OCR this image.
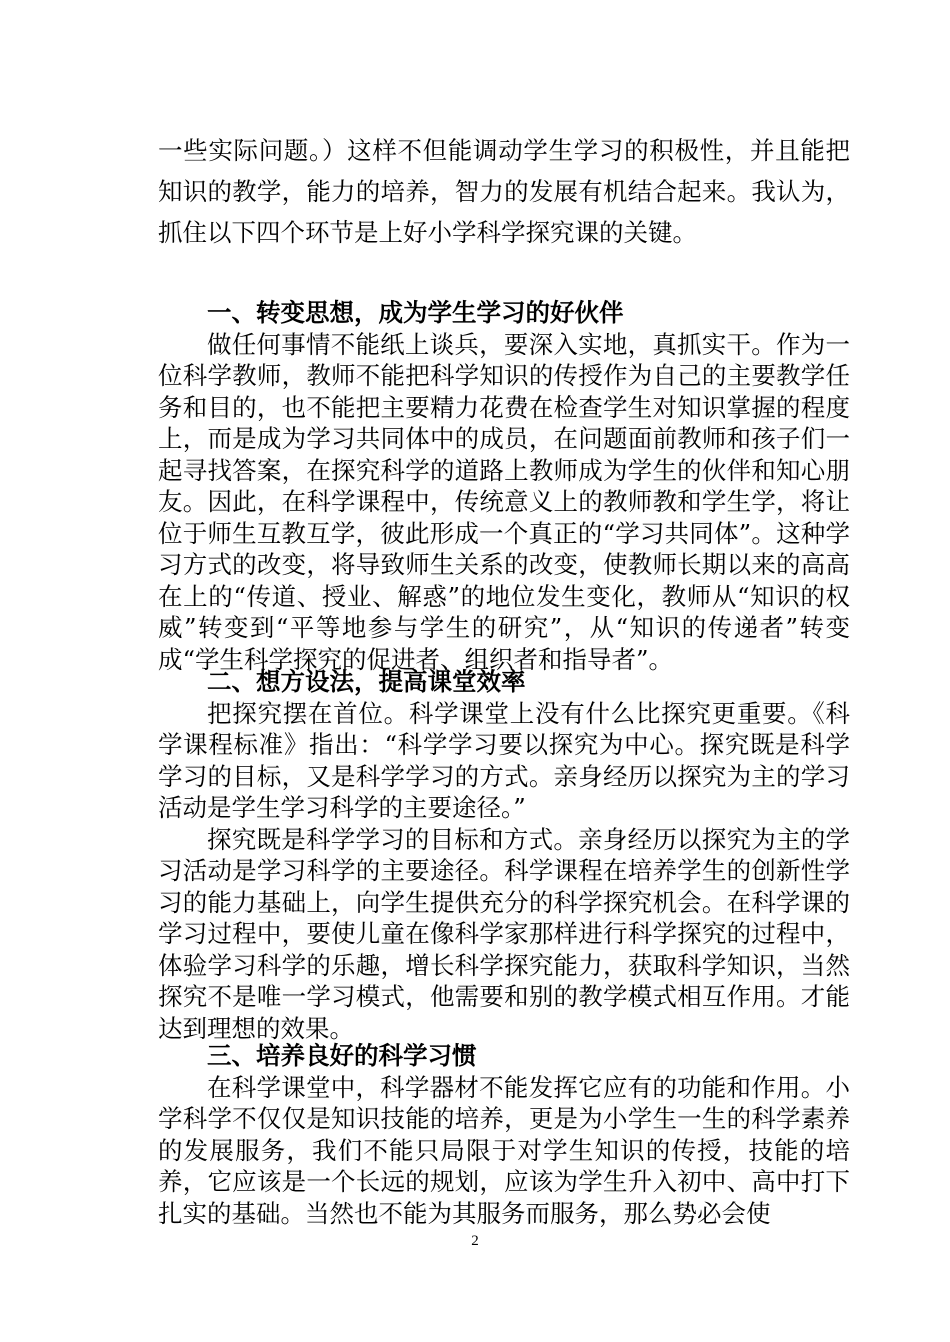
一些实际问题。）这样不但能调动学生学习的积极性，并且能把知识的教学，能力的培养，智力的发展有机结合起来。我认为，抓住以下四个环节是上好小学科学探究课的关键。

一、转变思想，成为学生学习的好伙伴

做任何事情不能纸上谈兵，要深入实地，真抓实干。作为一位科学教师，教师不能把科学知识的传授作为自己的主要教学任务和目的，也不能把主要精力花费在检查学生对知识掌握的程度上，而是成为学习共同体中的成员，在问题面前教师和孩子们一起寻找答案，在探究科学的道路上教师成为学生的伙伴和知心朋友。因此，在科学课程中，传统意义上的教师教和学生学，将让位于师生互教互学，彼此形成一个真正的“学习共同体”。这种学习方式的改变，将导致师生关系的改变，使教师长期以来的高高在上的“传道、授业、解惑”的地位发生变化，教师从“知识的权威”转变到“平等地参与学生的研究”，从“知识的传递者”转变成“学生科学探究的促进者、组织者和指导者”。

二、想方设法，提高课堂效率

把探究摆在首位。科学课堂上没有什么比探究更重要。《科学课程标准》指出：“科学学习要以探究为中心。探究既是科学学习的目标，又是科学学习的方式。亲身经历以探究为主的学习活动是学生学习科学的主要途径。”

探究既是科学学习的目标和方式。亲身经历以探究为主的学习活动是学习科学的主要途径。科学课程在培养学生的创新性学习的能力基础上，向学生提供充分的科学探究机会。在科学课的学习过程中，要使儿童在像科学家那样进行科学探究的过程中，体验学习科学的乐趣，增长科学探究能力，获取科学知识，当然探究不是唯一学习模式，他需要和别的教学模式相互作用。才能达到理想的效果。

三、培养良好的科学习惯

在科学课堂中，科学器材不能发挥它应有的功能和作用。小学科学不仅仅是知识技能的培养，更是为小学生一生的科学素养的发展服务，我们不能只局限于对学生知识的传授，技能的培养，它应该是一个长远的规划，应该为学生升入初中、高中打下扎实的基础。当然也不能为其服务而服务，那么势必会使

2
